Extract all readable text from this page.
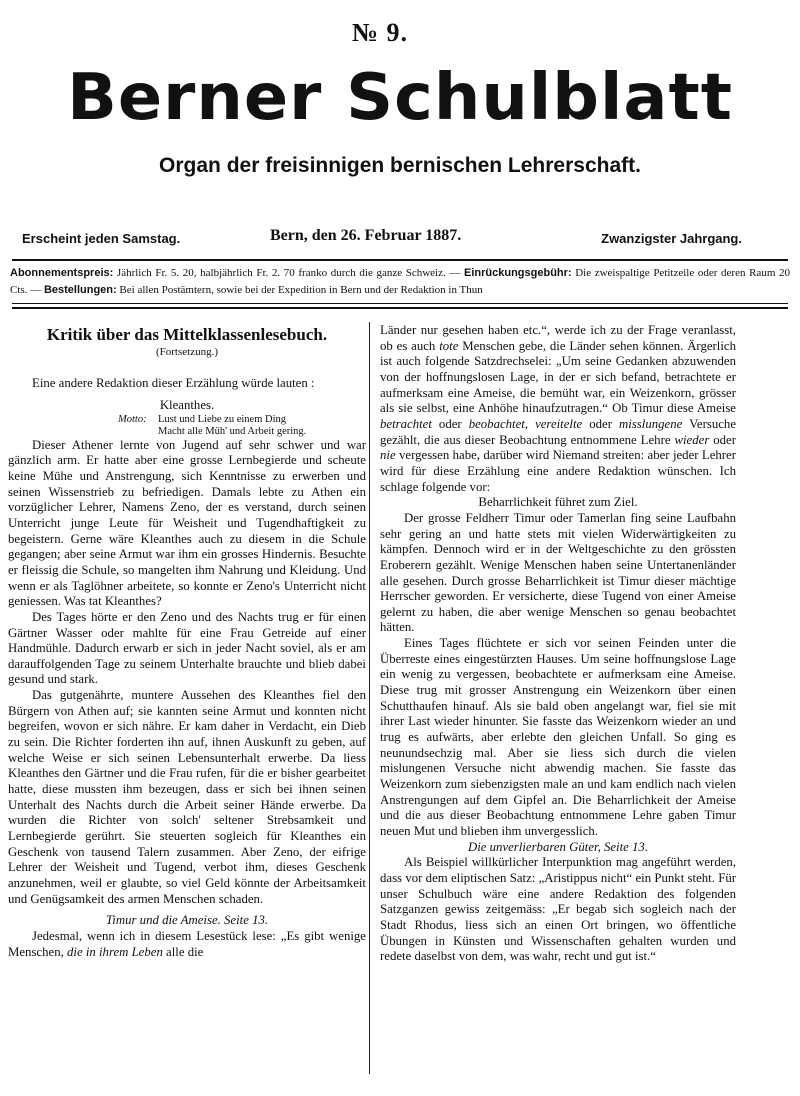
№ 9.
Berner Schulblatt
Organ der freisinnigen bernischen Lehrerschaft.
Erscheint jeden Samstag.	Bern, den 26. Februar 1887.	Zwanzigster Jahrgang.
Abonnementspreis: Jährlich Fr. 5. 20, halbjährlich Fr. 2. 70 franko durch die ganze Schweiz. — Einrückungsgebühr: Die zweispaltige Petitzeile oder deren Raum 20 Cts. — Bestellungen: Bei allen Postämtern, sowie bei der Expedition in Bern und der Redaktion in Thun

Kritik über das Mittelklassenlesebuch.

(Fortsetzung.)

Eine andere Redaktion dieser Erzählung würde lauten :

Kleanthes.

Motto:	Lust und Liebe zu einem Ding
Macht alle Müh' und Arbeit gering.

Dieser Athener lernte von Jugend auf sehr schwer und war gänzlich arm. Er hatte aber eine grosse Lernbegierde und scheute keine Mühe und Anstrengung, sich Kenntnisse zu erwerben und seinen Wissenstrieb zu befriedigen. Damals lebte zu Athen ein vorzüglicher Lehrer, Namens Zeno, der es verstand, durch seinen Unterricht junge Leute für Weisheit und Tugendhaftigkeit zu begeistern. Gerne wäre Kleanthes auch zu diesem in die Schule gegangen; aber seine Armut war ihm ein grosses Hindernis. Besuchte er fleissig die Schule, so mangelten ihm Nahrung und Kleidung. Und wenn er als Taglöhner arbeitete, so konnte er Zeno's Unterricht nicht geniessen. Was tat Kleanthes?

Des Tages hörte er den Zeno und des Nachts trug er für einen Gärtner Wasser oder mahlte für eine Frau Getreide auf einer Handmühle. Dadurch erwarb er sich in jeder Nacht soviel, als er am darauffolgenden Tage zu seinem Unterhalte brauchte und blieb dabei gesund und stark.

Das gutgenährte, muntere Aussehen des Kleanthes fiel den Bürgern von Athen auf; sie kannten seine Armut und konnten nicht begreifen, wovon er sich nähre. Er kam daher in Verdacht, ein Dieb zu sein. Die Richter forderten ihn auf, ihnen Auskunft zu geben, auf welche Weise er sich seinen Lebensunterhalt erwerbe. Da liess Kleanthes den Gärtner und die Frau rufen, für die er bisher gearbeitet hatte, diese mussten ihm bezeugen, dass er sich bei ihnen seinen Unterhalt des Nachts durch die Arbeit seiner Hände erwerbe. Da wurden die Richter von solch' seltener Strebsamkeit und Lernbegierde gerührt. Sie steuerten sogleich für Kleanthes ein Geschenk von tausend Talern zusammen. Aber Zeno, der eifrige Lehrer der Weisheit und Tugend, verbot ihm, dieses Geschenk anzunehmen, weil er glaubte, so viel Geld könnte der Arbeitsamkeit und Genügsamkeit des armen Menschen schaden.

Timur und die Ameise. Seite 13.

Jedesmal, wenn ich in diesem Lesestück lese: „Es gibt wenige Menschen, die in ihrem Leben alle die

Länder nur gesehen haben etc.“, werde ich zu der Frage veranlasst, ob es auch tote Menschen gebe, die Länder sehen können. Ärgerlich ist auch folgende Satzdrechselei: „Um seine Gedanken abzuwenden von der hoffnungslosen Lage, in der er sich befand, betrachtete er aufmerksam eine Ameise, die bemüht war, ein Weizenkorn, grösser als sie selbst, eine Anhöhe hinaufzutragen.“ Ob Timur diese Ameise betrachtet oder beobachtet, vereitelte oder misslungene Versuche gezählt, die aus dieser Beobachtung entnommene Lehre wieder oder nie vergessen habe, darüber wird Niemand streiten: aber jeder Lehrer wird für diese Erzählung eine andere Redaktion wünschen. Ich schlage folgende vor:

Beharrlichkeit führet zum Ziel.

Der grosse Feldherr Timur oder Tamerlan fing seine Laufbahn sehr gering an und hatte stets mit vielen Widerwärtigkeiten zu kämpfen. Dennoch wird er in der Weltgeschichte zu den grössten Eroberern gezählt. Wenige Menschen haben seine Untertanenländer alle gesehen. Durch grosse Beharrlichkeit ist Timur dieser mächtige Herrscher geworden. Er versicherte, diese Tugend von einer Ameise gelernt zu haben, die aber wenige Menschen so genau beobachtet hätten.

Eines Tages flüchtete er sich vor seinen Feinden unter die Überreste eines eingestürzten Hauses. Um seine hoffnungslose Lage ein wenig zu vergessen, beobachtete er aufmerksam eine Ameise. Diese trug mit grosser Anstrengung ein Weizenkorn über einen Schutthaufen hinauf. Als sie bald oben angelangt war, fiel sie mit ihrer Last wieder hinunter. Sie fasste das Weizenkorn wieder an und trug es aufwärts, aber erlebte den gleichen Unfall. So ging es neunundsechzig mal. Aber sie liess sich durch die vielen mislungenen Versuche nicht abwendig machen. Sie fasste das Weizenkorn zum siebenzigsten male an und kam endlich nach vielen Anstrengungen auf dem Gipfel an. Die Beharrlichkeit der Ameise und die aus dieser Beobachtung entnommene Lehre gaben Timur neuen Mut und blieben ihm unvergesslich.

Die unverlierbaren Güter, Seite 13.

Als Beispiel willkürlicher Interpunktion mag angeführt werden, dass vor dem eliptischen Satz: „Aristippus nicht“ ein Punkt steht. Für unser Schulbuch wäre eine andere Redaktion des folgenden Satzganzen gewiss zeitgemäss: „Er begab sich sogleich nach der Stadt Rhodus, liess sich an einen Ort bringen, wo öffentliche Übungen in Künsten und Wissenschaften gehalten wurden und redete daselbst von dem, was wahr, recht und gut ist.“
